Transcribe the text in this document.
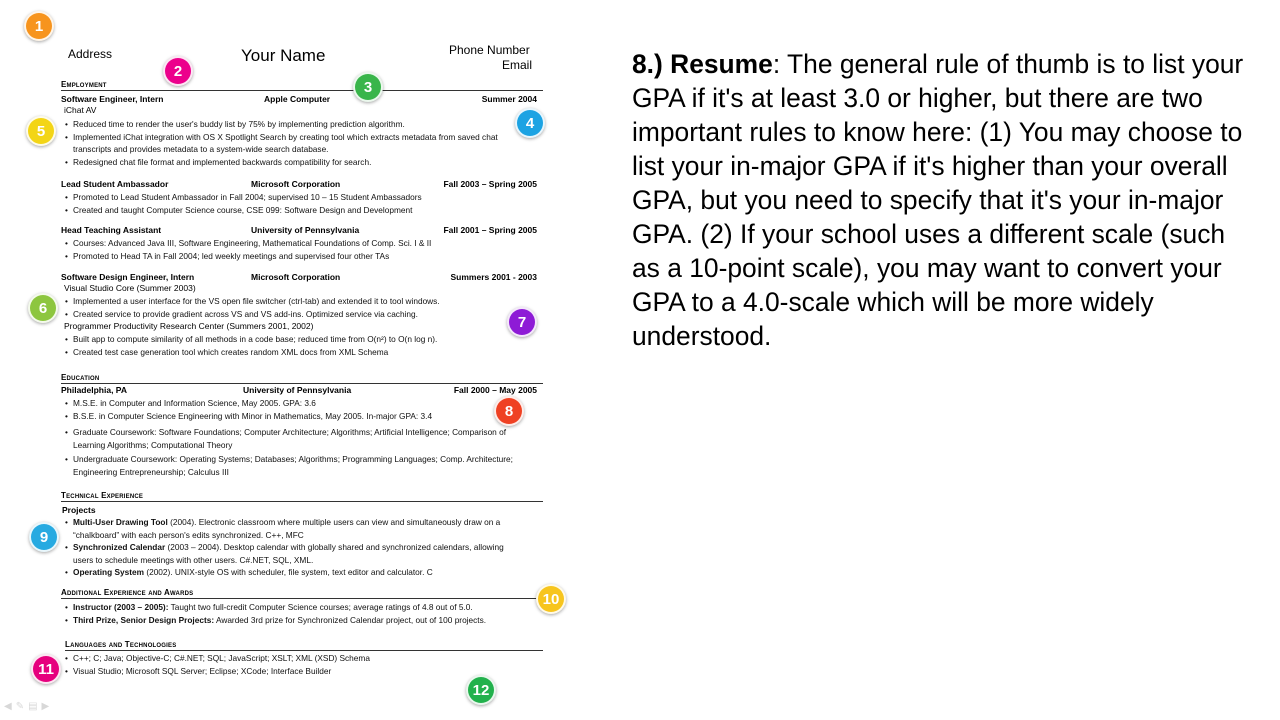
Address	Your Name	Phone Number
Email
Employment
Software Engineer, Intern	Apple Computer	Summer 2004
iChat AV
• Reduced time to render the user's buddy list by 75% by implementing prediction algorithm.
• Implemented iChat integration with OS X Spotlight Search by creating tool which extracts metadata from saved chat transcripts and provides metadata to a system-wide search database.
• Redesigned chat file format and implemented backwards compatibility for search.
Lead Student Ambassador	Microsoft Corporation	Fall 2003 – Spring 2005
• Promoted to Lead Student Ambassador in Fall 2004; supervised 10 – 15 Student Ambassadors
• Created and taught Computer Science course, CSE 099: Software Design and Development
Head Teaching Assistant	University of Pennsylvania	Fall 2001 – Spring 2005
• Courses: Advanced Java III, Software Engineering, Mathematical Foundations of Comp. Sci. I & II
• Promoted to Head TA in Fall 2004; led weekly meetings and supervised four other TAs
Software Design Engineer, Intern	Microsoft Corporation	Summers 2001 - 2003
Visual Studio Core (Summer 2003)
• Implemented a user interface for the VS open file switcher (ctrl-tab) and extended it to tool windows.
• Created service to provide gradient across VS and VS add-ins. Optimized service via caching.
Programmer Productivity Research Center (Summers 2001, 2002)
• Built app to compute similarity of all methods in a code base; reduced time from O(n²) to O(n log n).
• Created test case generation tool which creates random XML docs from XML Schema
Education
Philadelphia, PA	University of Pennsylvania	Fall 2000 – May 2005
• M.S.E. in Computer and Information Science, May 2005. GPA: 3.6
• B.S.E. in Computer Science Engineering with Minor in Mathematics, May 2005. In-major GPA: 3.4
• Graduate Coursework: Software Foundations; Computer Architecture; Algorithms; Artificial Intelligence; Comparison of Learning Algorithms; Computational Theory
• Undergraduate Coursework: Operating Systems; Databases; Algorithms; Programming Languages; Comp. Architecture; Engineering Entrepreneurship; Calculus III
Technical Experience
Projects
• Multi-User Drawing Tool (2004). Electronic classroom where multiple users can view and simultaneously draw on a “chalkboard” with each person's edits synchronized. C++, MFC
• Synchronized Calendar (2003 – 2004). Desktop calendar with globally shared and synchronized calendars, allowing users to schedule meetings with other users. C#.NET, SQL, XML.
• Operating System (2002). UNIX-style OS with scheduler, file system, text editor and calculator. C
Additional Experience and Awards
• Instructor (2003 – 2005): Taught two full-credit Computer Science courses; average ratings of 4.8 out of 5.0.
• Third Prize, Senior Design Projects: Awarded 3rd prize for Synchronized Calendar project, out of 100 projects.
Languages and Technologies
• C++; C; Java; Objective-C; C#.NET; SQL; JavaScript; XSLT; XML (XSD) Schema
• Visual Studio; Microsoft SQL Server; Eclipse; XCode; Interface Builder
1
2
3
4
5
6
7
8
9
10
11
12
8.) Resume: The general rule of thumb is to list your GPA if it's at least 3.0 or higher, but there are two important rules to know here: (1) You may choose to list your in-major GPA if it's higher than your overall GPA, but you need to specify that it's your in-major GPA. (2) If your school uses a different scale (such as a 10-point scale), you may want to convert your GPA to a 4.0-scale which will be more widely understood.
◀✎▤▶
